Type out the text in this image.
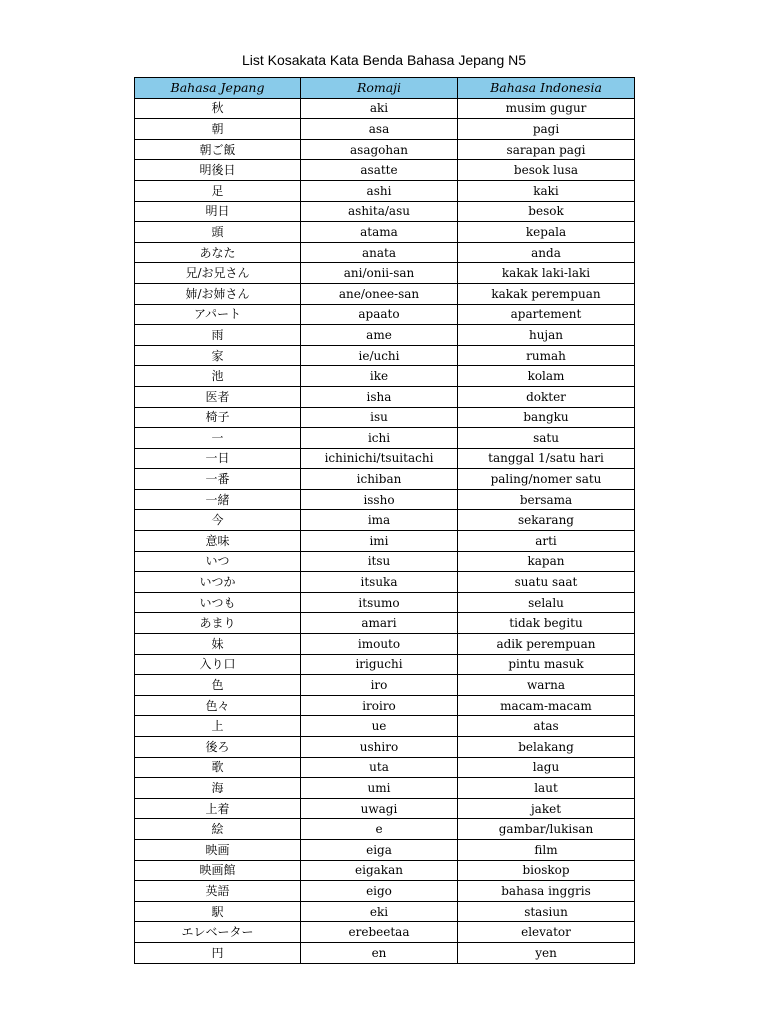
List Kosakata Kata Benda Bahasa Jepang N5
Bahasa Jepang	Romaji	Bahasa Indonesia
秋	aki	musim gugur
朝	asa	pagi
朝ご飯	asagohan	sarapan pagi
明後日	asatte	besok lusa
足	ashi	kaki
明日	ashita/asu	besok
頭	atama	kepala
あなた	anata	anda
兄/お兄さん	ani/onii-san	kakak laki-laki
姉/お姉さん	ane/onee-san	kakak perempuan
アパート	apaato	apartement
雨	ame	hujan
家	ie/uchi	rumah
池	ike	kolam
医者	isha	dokter
椅子	isu	bangku
一	ichi	satu
一日	ichinichi/tsuitachi	tanggal 1/satu hari
一番	ichiban	paling/nomer satu
一緒	issho	bersama
今	ima	sekarang
意味	imi	arti
いつ	itsu	kapan
いつか	itsuka	suatu saat
いつも	itsumo	selalu
あまり	amari	tidak begitu
妹	imouto	adik perempuan
入り口	iriguchi	pintu masuk
色	iro	warna
色々	iroiro	macam-macam
上	ue	atas
後ろ	ushiro	belakang
歌	uta	lagu
海	umi	laut
上着	uwagi	jaket
絵	e	gambar/lukisan
映画	eiga	film
映画館	eigakan	bioskop
英語	eigo	bahasa inggris
駅	eki	stasiun
エレベーター	erebeetaa	elevator
円	en	yen
